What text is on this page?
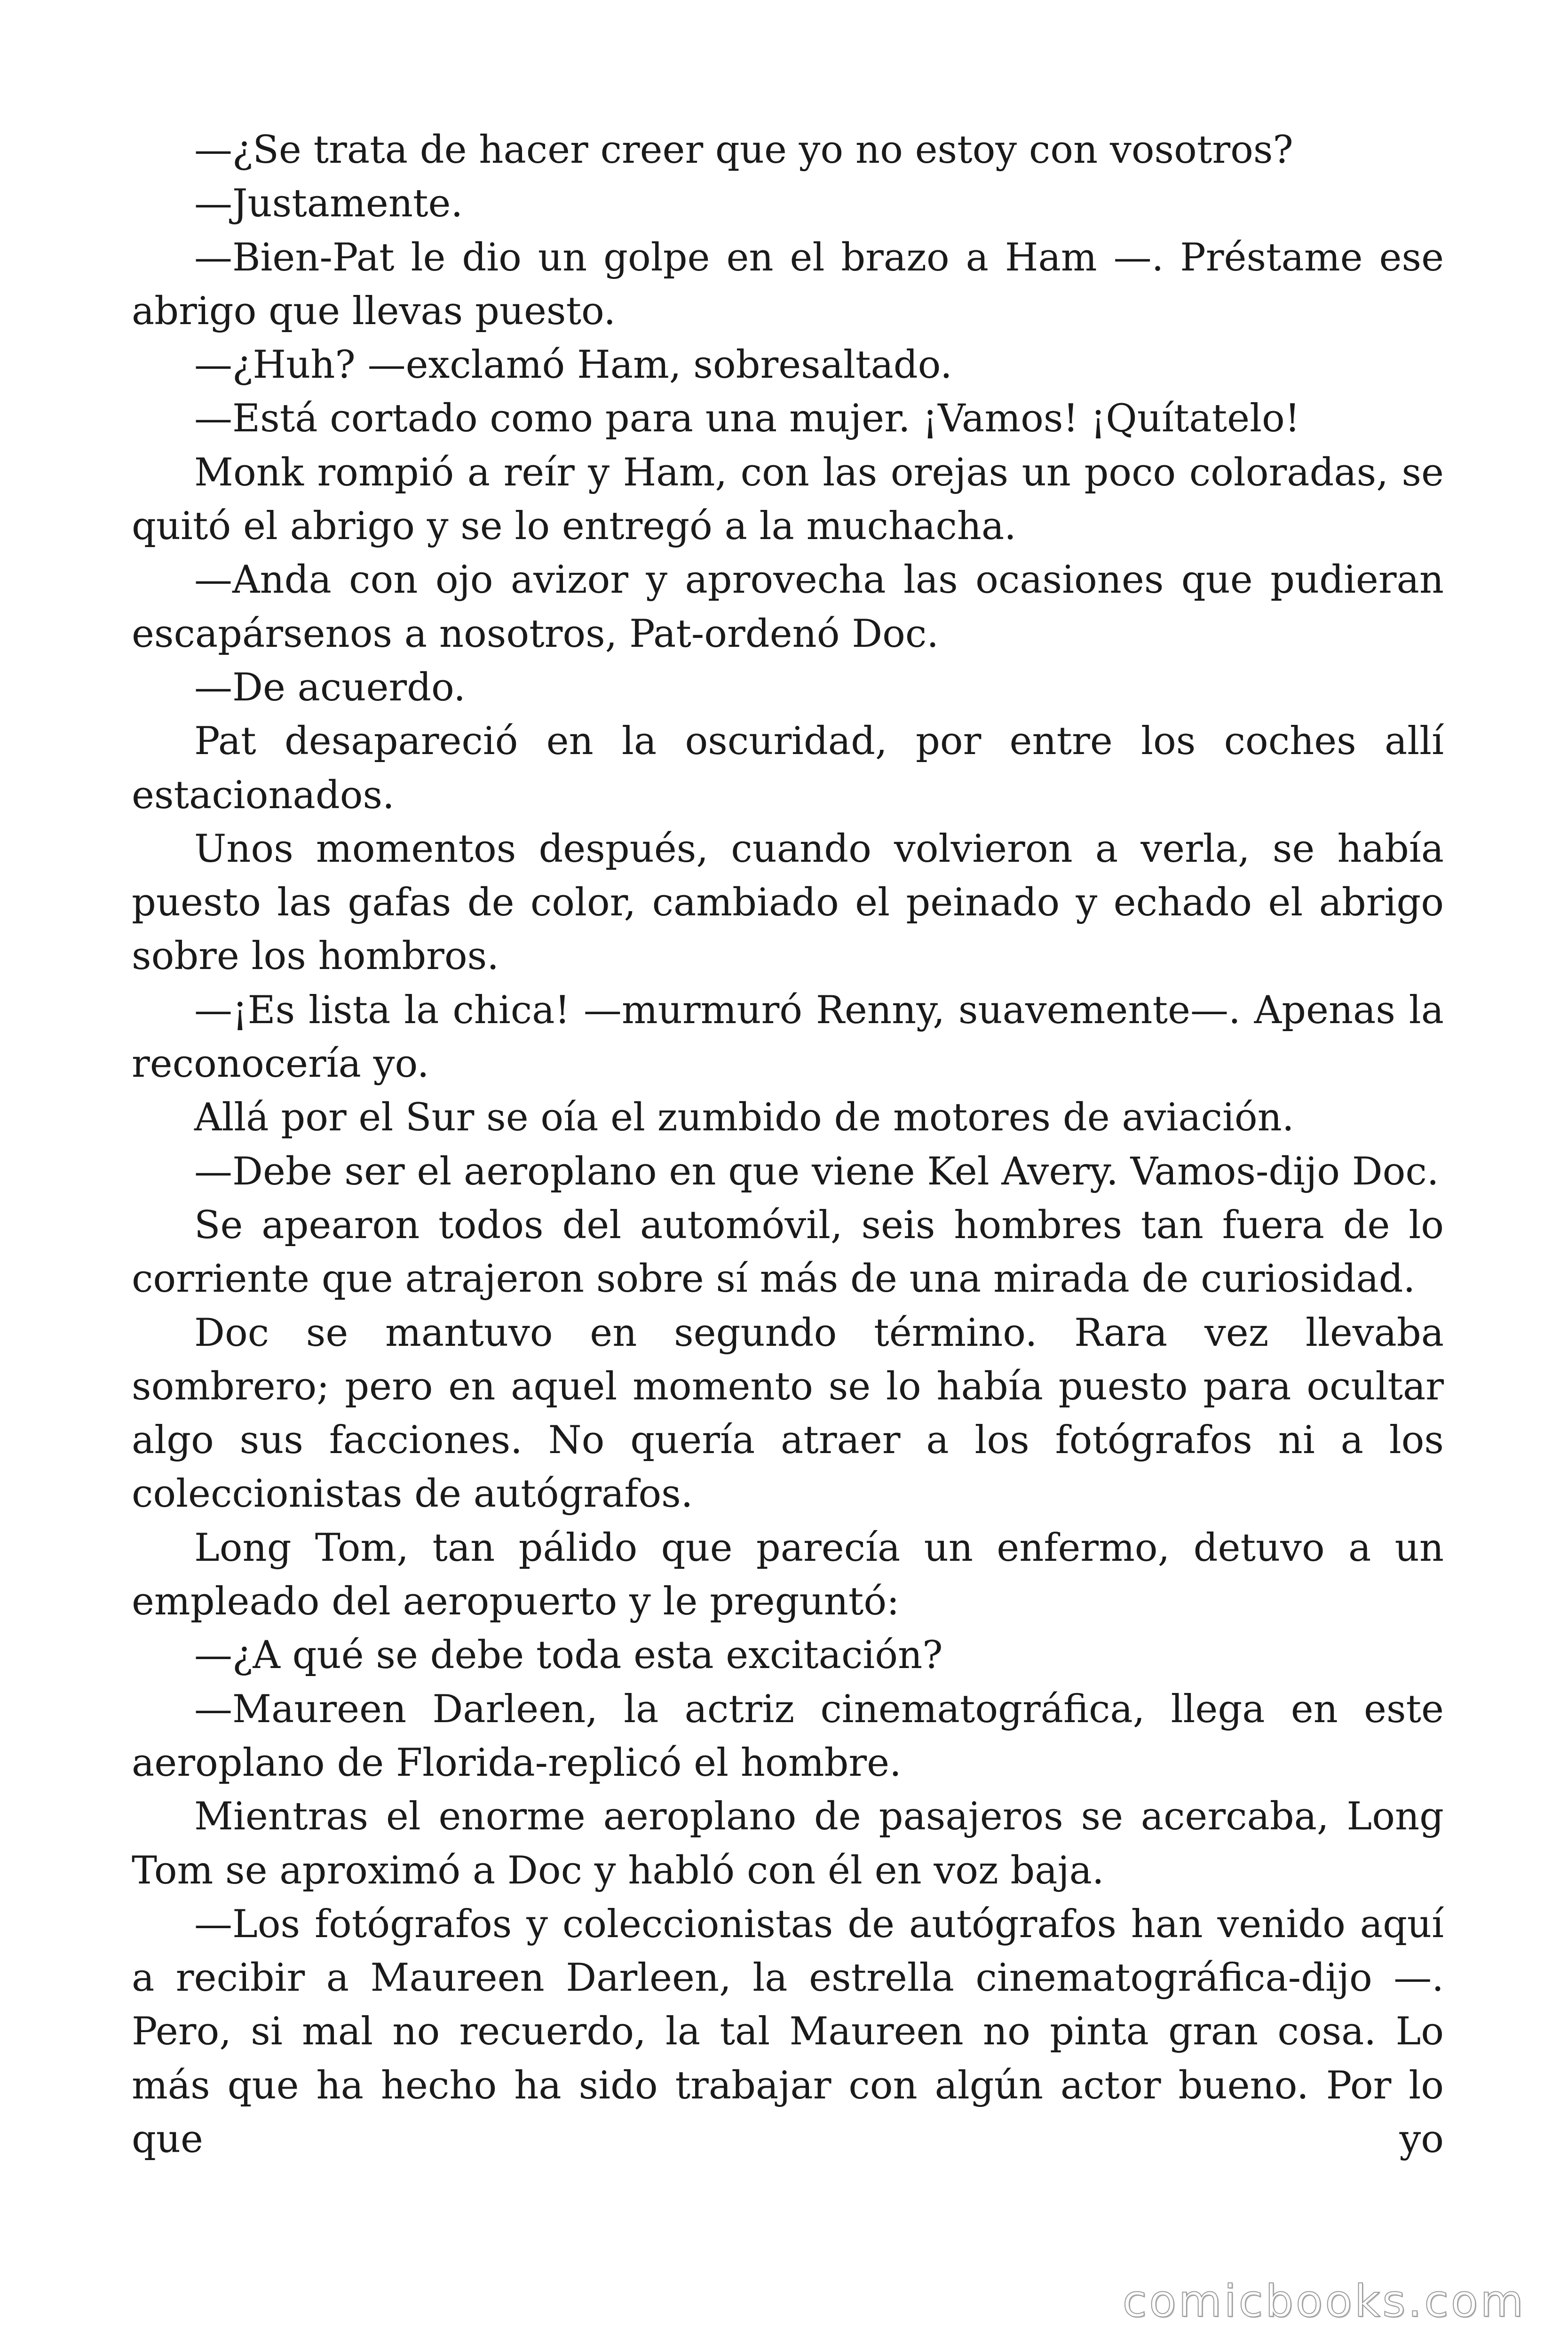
—¿Se trata de hacer creer que yo no estoy con vosotros?

—Justamente.

—Bien-Pat le dio un golpe en el brazo a Ham —. Préstame ese abrigo que llevas puesto.

—¿Huh? —exclamó Ham, sobresaltado.

—Está cortado como para una mujer. ¡Vamos! ¡Quítatelo!

Monk rompió a reír y Ham, con las orejas un poco coloradas, se quitó el abrigo y se lo entregó a la muchacha.

—Anda con ojo avizor y aprovecha las ocasiones que pudieran escapársenos a nosotros, Pat-ordenó Doc.

—De acuerdo.

Pat desapareció en la oscuridad, por entre los coches allí estacionados.

Unos momentos después, cuando volvieron a verla, se había puesto las gafas de color, cambiado el peinado y echado el abrigo sobre los hombros.

—¡Es lista la chica! —murmuró Renny, suavemente—. Apenas la reconocería yo.

Allá por el Sur se oía el zumbido de motores de aviación.

—Debe ser el aeroplano en que viene Kel Avery. Vamos-dijo Doc.

Se apearon todos del automóvil, seis hombres tan fuera de lo corriente que atrajeron sobre sí más de una mirada de curiosidad.

Doc se mantuvo en segundo término. Rara vez llevaba sombrero; pero en aquel momento se lo había puesto para ocultar algo sus facciones. No quería atraer a los fotógrafos ni a los coleccionistas de autógrafos.

Long Tom, tan pálido que parecía un enfermo, detuvo a un empleado del aeropuerto y le preguntó:

—¿A qué se debe toda esta excitación?

—Maureen Darleen, la actriz cinematográfica, llega en este aeroplano de Florida-replicó el hombre.

Mientras el enorme aeroplano de pasajeros se acercaba, Long Tom se aproximó a Doc y habló con él en voz baja.

—Los fotógrafos y coleccionistas de autógrafos han venido aquí a recibir a Maureen Darleen, la estrella cinematográfica-dijo —. Pero, si mal no recuerdo, la tal Maureen no pinta gran cosa. Lo más que ha hecho ha sido trabajar con algún actor bueno. Por lo que yo

comicbooks.com
